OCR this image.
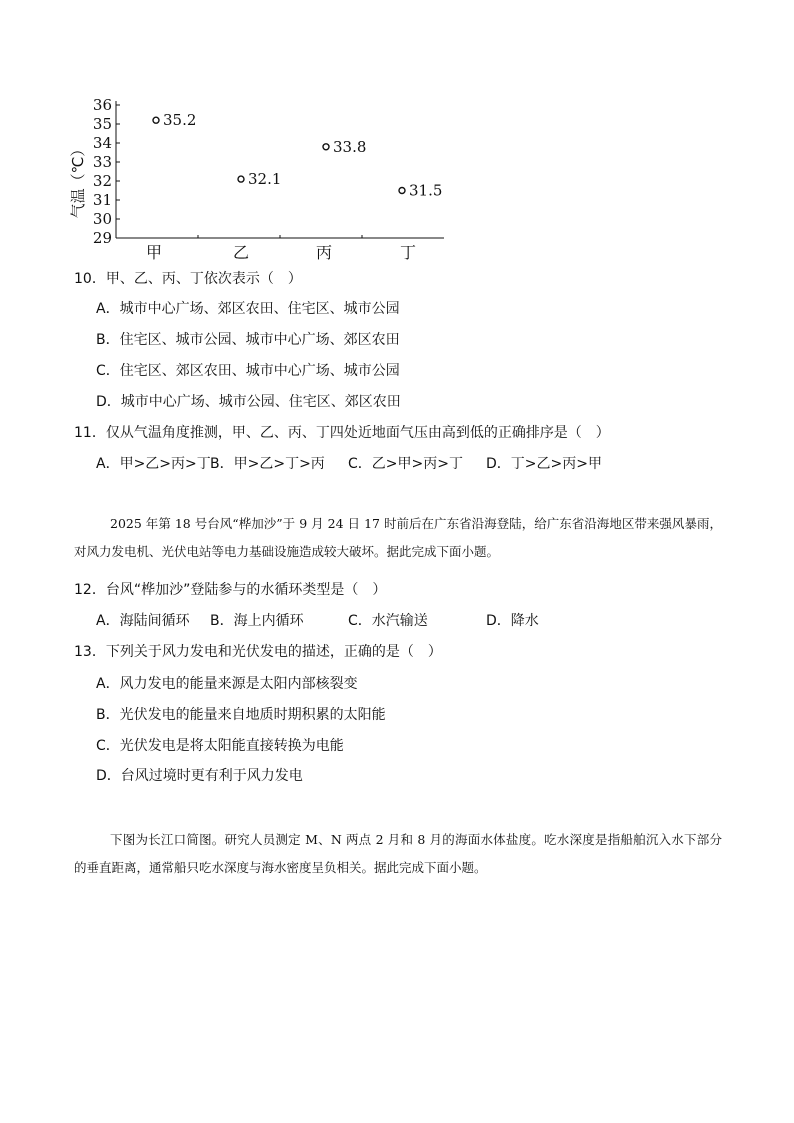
29
30
31
32
33
34
35
36
甲	乙	丙	丁
35.2
32.1
33.8
31.5
气温（℃）
10．甲、乙、丙、丁依次表示（　）
A．城市中心广场、郊区农田、住宅区、城市公园
B．住宅区、城市公园、城市中心广场、郊区农田
C．住宅区、郊区农田、城市中心广场、城市公园
D．城市中心广场、城市公园、住宅区、郊区农田
11．仅从气温角度推测，甲、乙、丙、丁四处近地面气压由高到低的正确排序是（　）
A．甲>乙>丙>丁 B．甲>乙>丁>丙 C．乙>甲>丙>丁 D．丁>乙>丙>甲
2025 年第 18 号台风“桦加沙”于 9 月 24 日 17 时前后在广东省沿海登陆，给广东省沿海地区带来强风暴雨，对风力发电机、光伏电站等电力基础设施造成较大破坏。据此完成下面小题。
12．台风“桦加沙”登陆参与的水循环类型是（　）
A．海陆间循环 B．海上内循环	C．水汽输送	D．降水
13．下列关于风力发电和光伏发电的描述，正确的是（　）
A．风力发电的能量来源是太阳内部核裂变
B．光伏发电的能量来自地质时期积累的太阳能
C．光伏发电是将太阳能直接转换为电能
D．台风过境时更有利于风力发电
下图为长江口简图。研究人员测定 M、N 两点 2 月和 8 月的海面水体盐度。吃水深度是指船舶沉入水下部分的垂直距离，通常船只吃水深度与海水密度呈负相关。据此完成下面小题。
